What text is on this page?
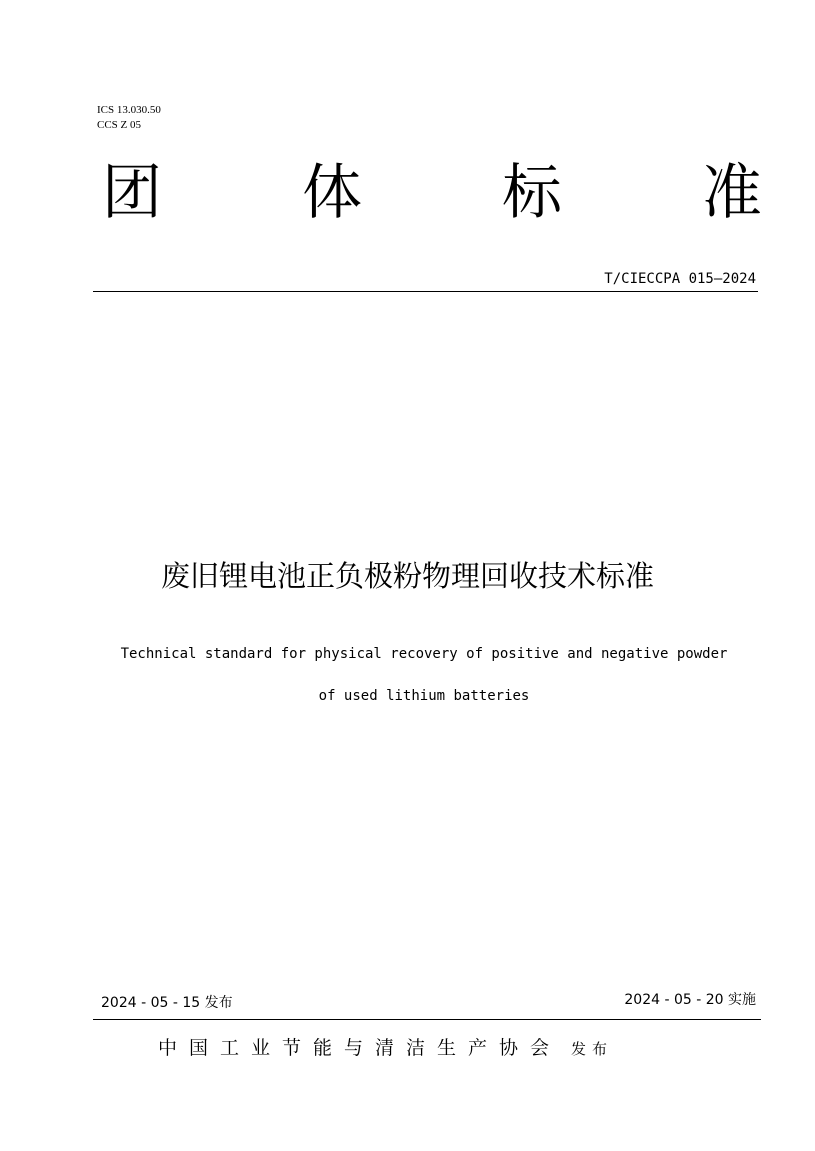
ICS 13.030.50
CCS Z 05
团 体 标 准
T/CIECCPA 015—2024
废旧锂电池正负极粉物理回收技术标准
Technical standard for physical recovery of positive and negative powder
of used lithium batteries
2024 - 05 - 15 发布	2024 - 05 - 20 实施
中国工业节能与清洁生产协会 发布
